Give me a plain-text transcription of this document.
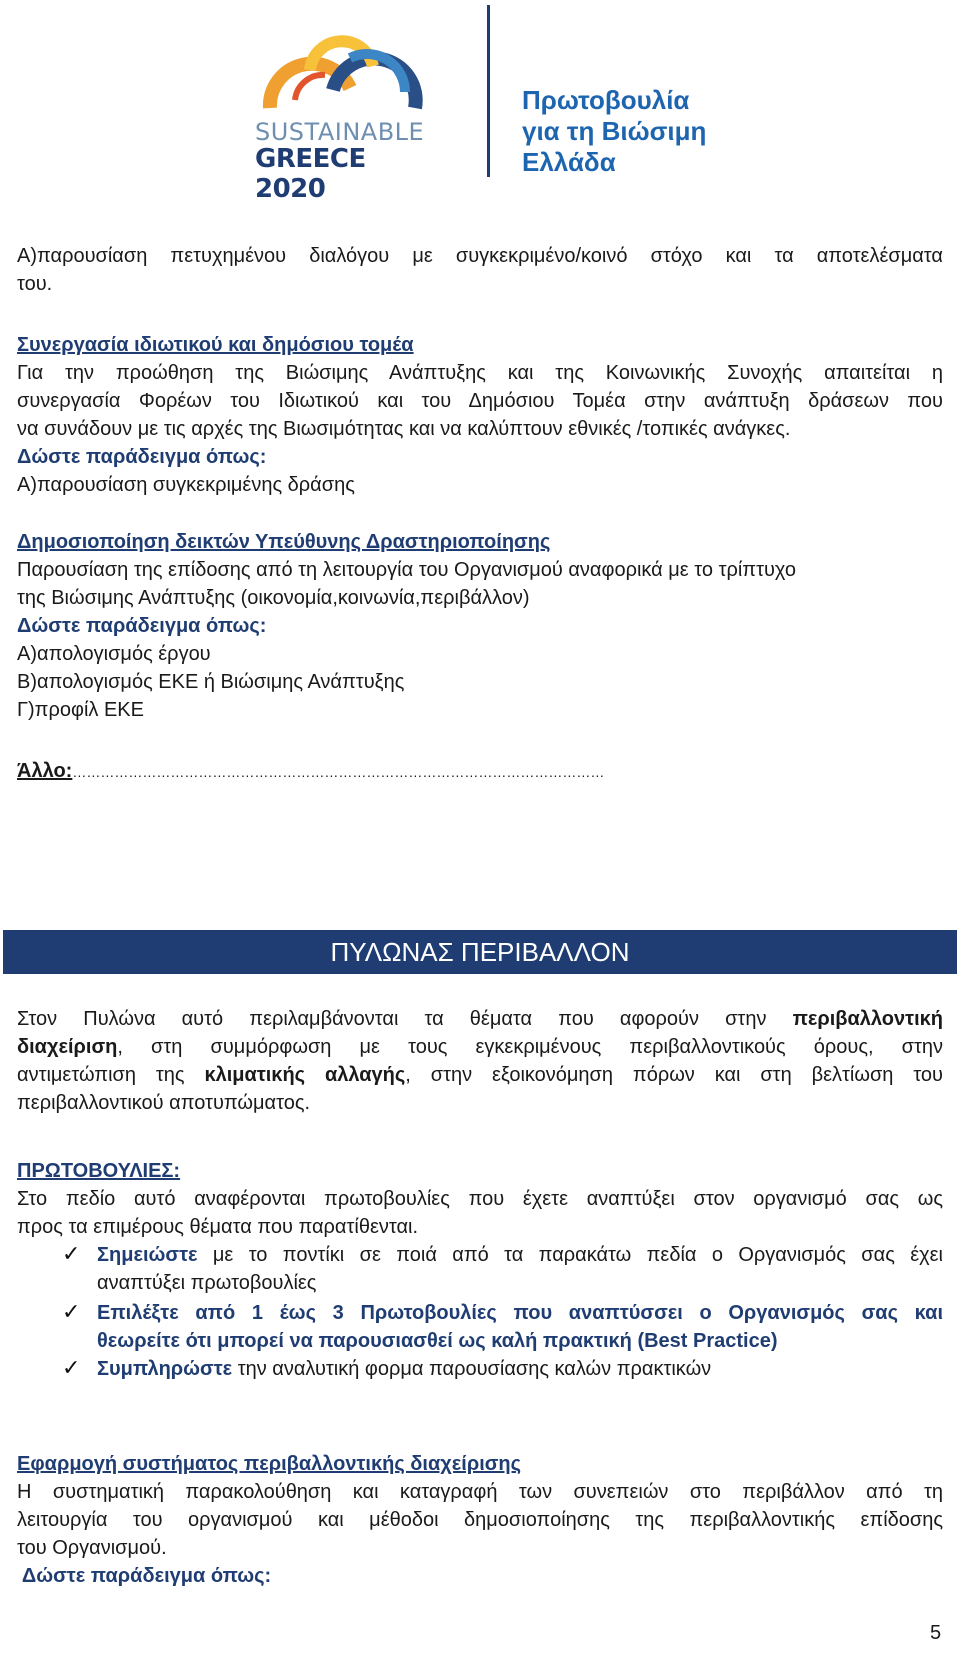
SUSTAINABLE
GREECE 2020
Πρωτοβουλία
για τη Βιώσιμη
Ελλάδα
Α)παρουσίαση πετυχημένου διαλόγου με συγκεκριμένο/κοινό στόχο και τα αποτελέσματα
του.
Συνεργασία ιδιωτικού και δημόσιου τομέα
Για την προώθηση της Βιώσιμης Ανάπτυξης και της Κοινωνικής Συνοχής απαιτείται η
συνεργασία Φορέων του Ιδιωτικού και του Δημόσιου Τομέα στην ανάπτυξη δράσεων που
να συνάδουν με τις αρχές της Βιωσιμότητας και να καλύπτουν εθνικές /τοπικές ανάγκες.
Δώστε παράδειγμα όπως:
Α)παρουσίαση συγκεκριμένης δράσης
Δημοσιοποίηση δεικτών Υπεύθυνης Δραστηριοποίησης
Παρουσίαση της επίδοσης από τη λειτουργία του Οργανισμού αναφορικά με το τρίπτυχο
της Βιώσιμης Ανάπτυξης (οικονομία,κοινωνία,περιβάλλον)
Δώστε παράδειγμα όπως:
Α)απολογισμός έργου
Β)απολογισμός ΕΚΕ ή Βιώσιμης Ανάπτυξης
Γ)προφίλ ΕΚΕ
Άλλο:……………………………………………………………………………………………………
ΠΥΛΩΝΑΣ ΠΕΡΙΒΑΛΛΟΝ
Στον Πυλώνα αυτό περιλαμβάνονται τα θέματα που αφορούν στην περιβαλλοντική
διαχείριση, στη συμμόρφωση με τους εγκεκριμένους περιβαλλοντικούς όρους, στην
αντιμετώπιση της κλιματικής αλλαγής, στην εξοικονόμηση πόρων και στη βελτίωση του
περιβαλλοντικού αποτυπώματος.
ΠΡΩΤΟΒΟΥΛΙΕΣ:
Στο πεδίο αυτό αναφέρονται πρωτοβουλίες που έχετε αναπτύξει στον οργανισμό σας ως
προς τα επιμέρους θέματα που παρατίθενται.
✓ Σημειώστε με το ποντίκι σε ποιά από τα παρακάτω πεδία ο Οργανισμός σας έχει
αναπτύξει πρωτοβουλίες
✓ Επιλέξτε από 1 έως 3 Πρωτοβουλίες που αναπτύσσει ο Οργανισμός σας και
θεωρείτε ότι μπορεί να παρουσιασθεί ως καλή πρακτική (Best Practice)
✓ Συμπληρώστε την αναλυτική φορμα παρουσίασης καλών πρακτικών
Εφαρμογή συστήματος περιβαλλοντικής διαχείρισης
Η συστηματική παρακολούθηση και καταγραφή των συνεπειών στο περιβάλλον από τη
λειτουργία του οργανισμού και μέθοδοι δημοσιοποίησης της περιβαλλοντικής επίδοσης
του Οργανισμού.
Δώστε παράδειγμα όπως:
5
